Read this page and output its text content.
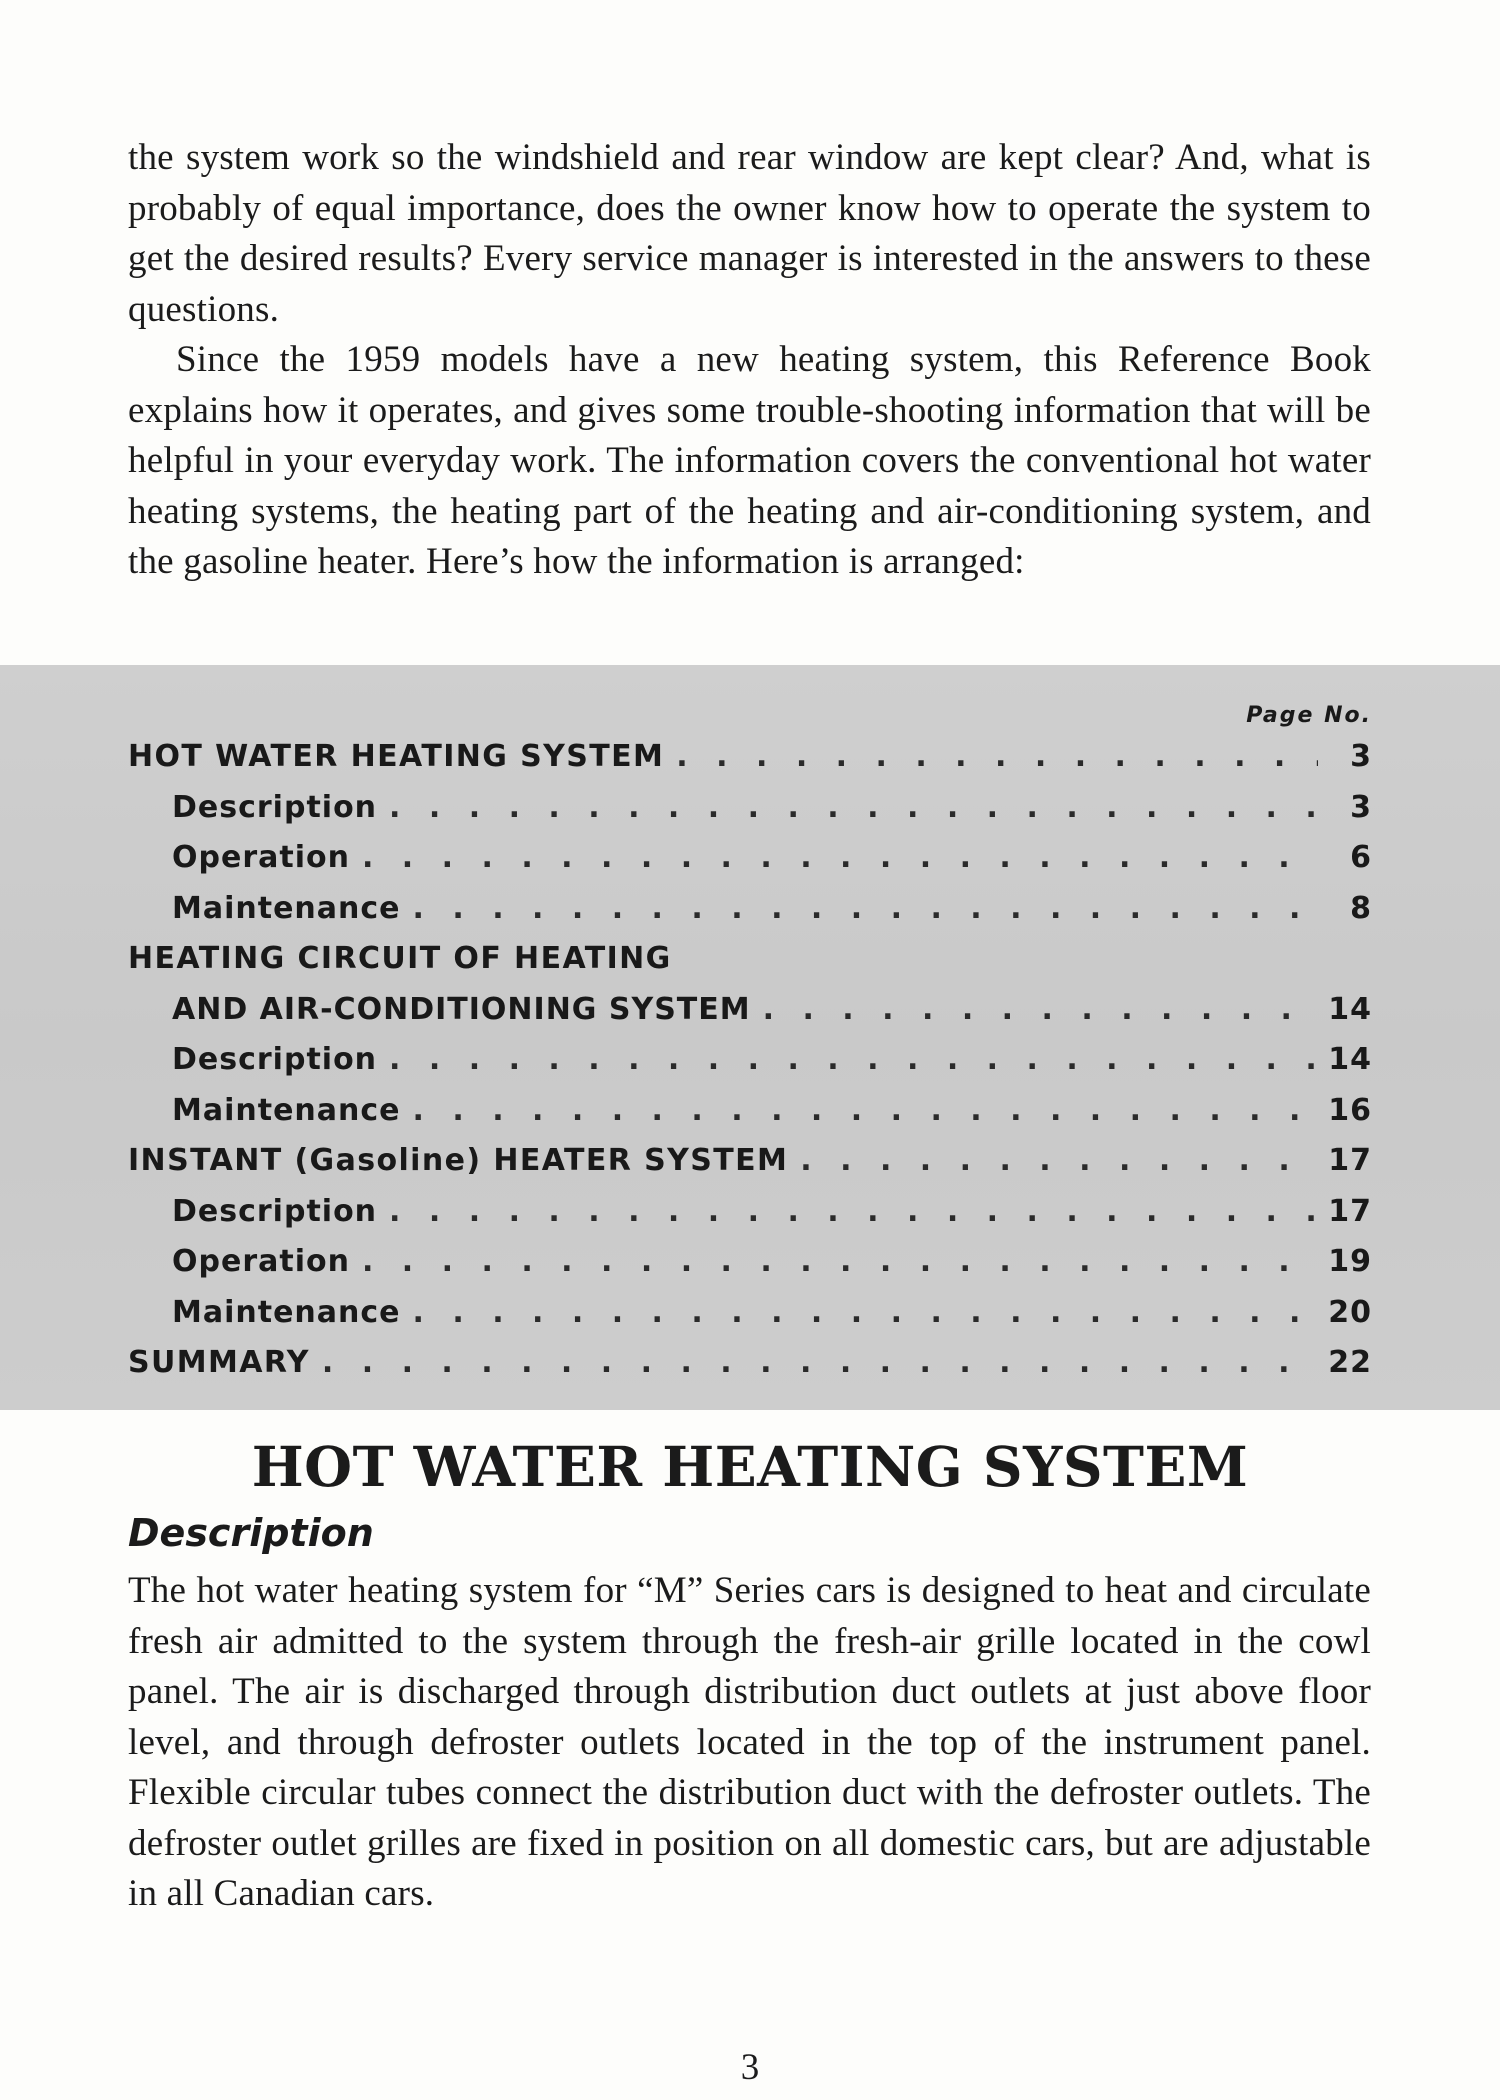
the system work so the windshield and rear window are kept clear? And, what is probably of equal importance, does the owner know how to operate the system to get the desired results? Every service manager is interested in the answers to these questions.

Since the 1959 models have a new heating system, this Reference Book explains how it operates, and gives some trouble-shooting information that will be helpful in your everyday work. The information covers the conventional hot water heating systems, the heating part of the heating and air-conditioning system, and the gasoline heater. Here’s how the information is arranged:

Page No.
HOT WATER HEATING SYSTEM . . .	3
Description . . .	3
Operation . . .	6
Maintenance . . .	8
HEATING CIRCUIT OF HEATING
AND AIR-CONDITIONING SYSTEM . . .	14
Description . . .	14
Maintenance . . .	16
INSTANT (Gasoline) HEATER SYSTEM . . .	17
Description . . .	17
Operation . . .	19
Maintenance . . .	20
SUMMARY . . .	22
HOT WATER HEATING SYSTEM
Description

The hot water heating system for “M” Series cars is designed to heat and circulate fresh air admitted to the system through the fresh-air grille located in the cowl panel. The air is discharged through distribution duct outlets at just above floor level, and through defroster outlets located in the top of the instrument panel. Flexible circular tubes connect the distribution duct with the defroster outlets. The defroster outlet grilles are fixed in position on all domestic cars, but are adjustable in all Canadian cars.

3
